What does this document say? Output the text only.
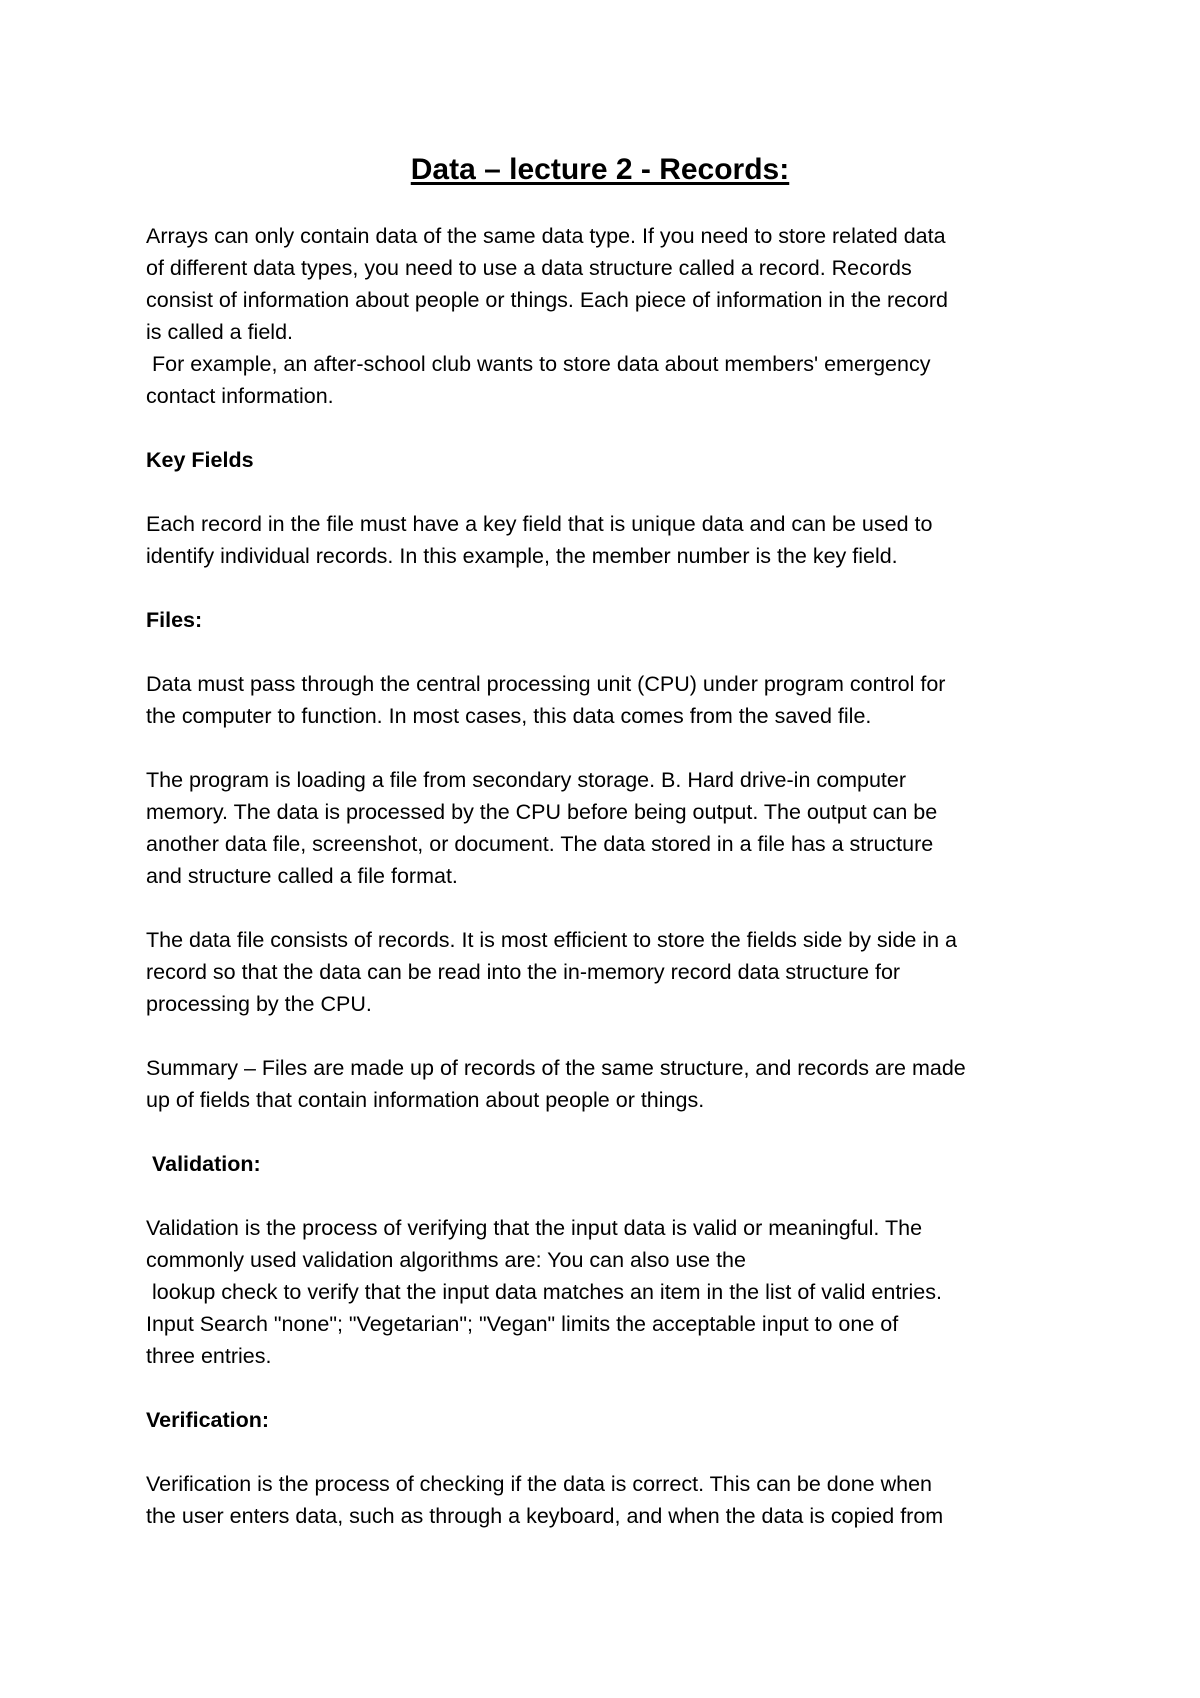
Data – lecture 2 - Records:
Arrays can only contain data of the same data type. If you need to store related data
of different data types, you need to use a data structure called a record. Records
consist of information about people or things. Each piece of information in the record
is called a field.
For example, an after-school club wants to store data about members' emergency
contact information.
Key Fields
Each record in the file must have a key field that is unique data and can be used to
identify individual records. In this example, the member number is the key field.
Files:
Data must pass through the central processing unit (CPU) under program control for
the computer to function. In most cases, this data comes from the saved file.
The program is loading a file from secondary storage. B. Hard drive-in computer
memory. The data is processed by the CPU before being output. The output can be
another data file, screenshot, or document. The data stored in a file has a structure
and structure called a file format.
The data file consists of records. It is most efficient to store the fields side by side in a
record so that the data can be read into the in-memory record data structure for
processing by the CPU.
Summary – Files are made up of records of the same structure, and records are made
up of fields that contain information about people or things.
Validation:
Validation is the process of verifying that the input data is valid or meaningful. The
commonly used validation algorithms are: You can also use the
lookup check to verify that the input data matches an item in the list of valid entries.
Input Search "none"; "Vegetarian"; "Vegan" limits the acceptable input to one of
three entries.
Verification:
Verification is the process of checking if the data is correct. This can be done when
the user enters data, such as through a keyboard, and when the data is copied from
